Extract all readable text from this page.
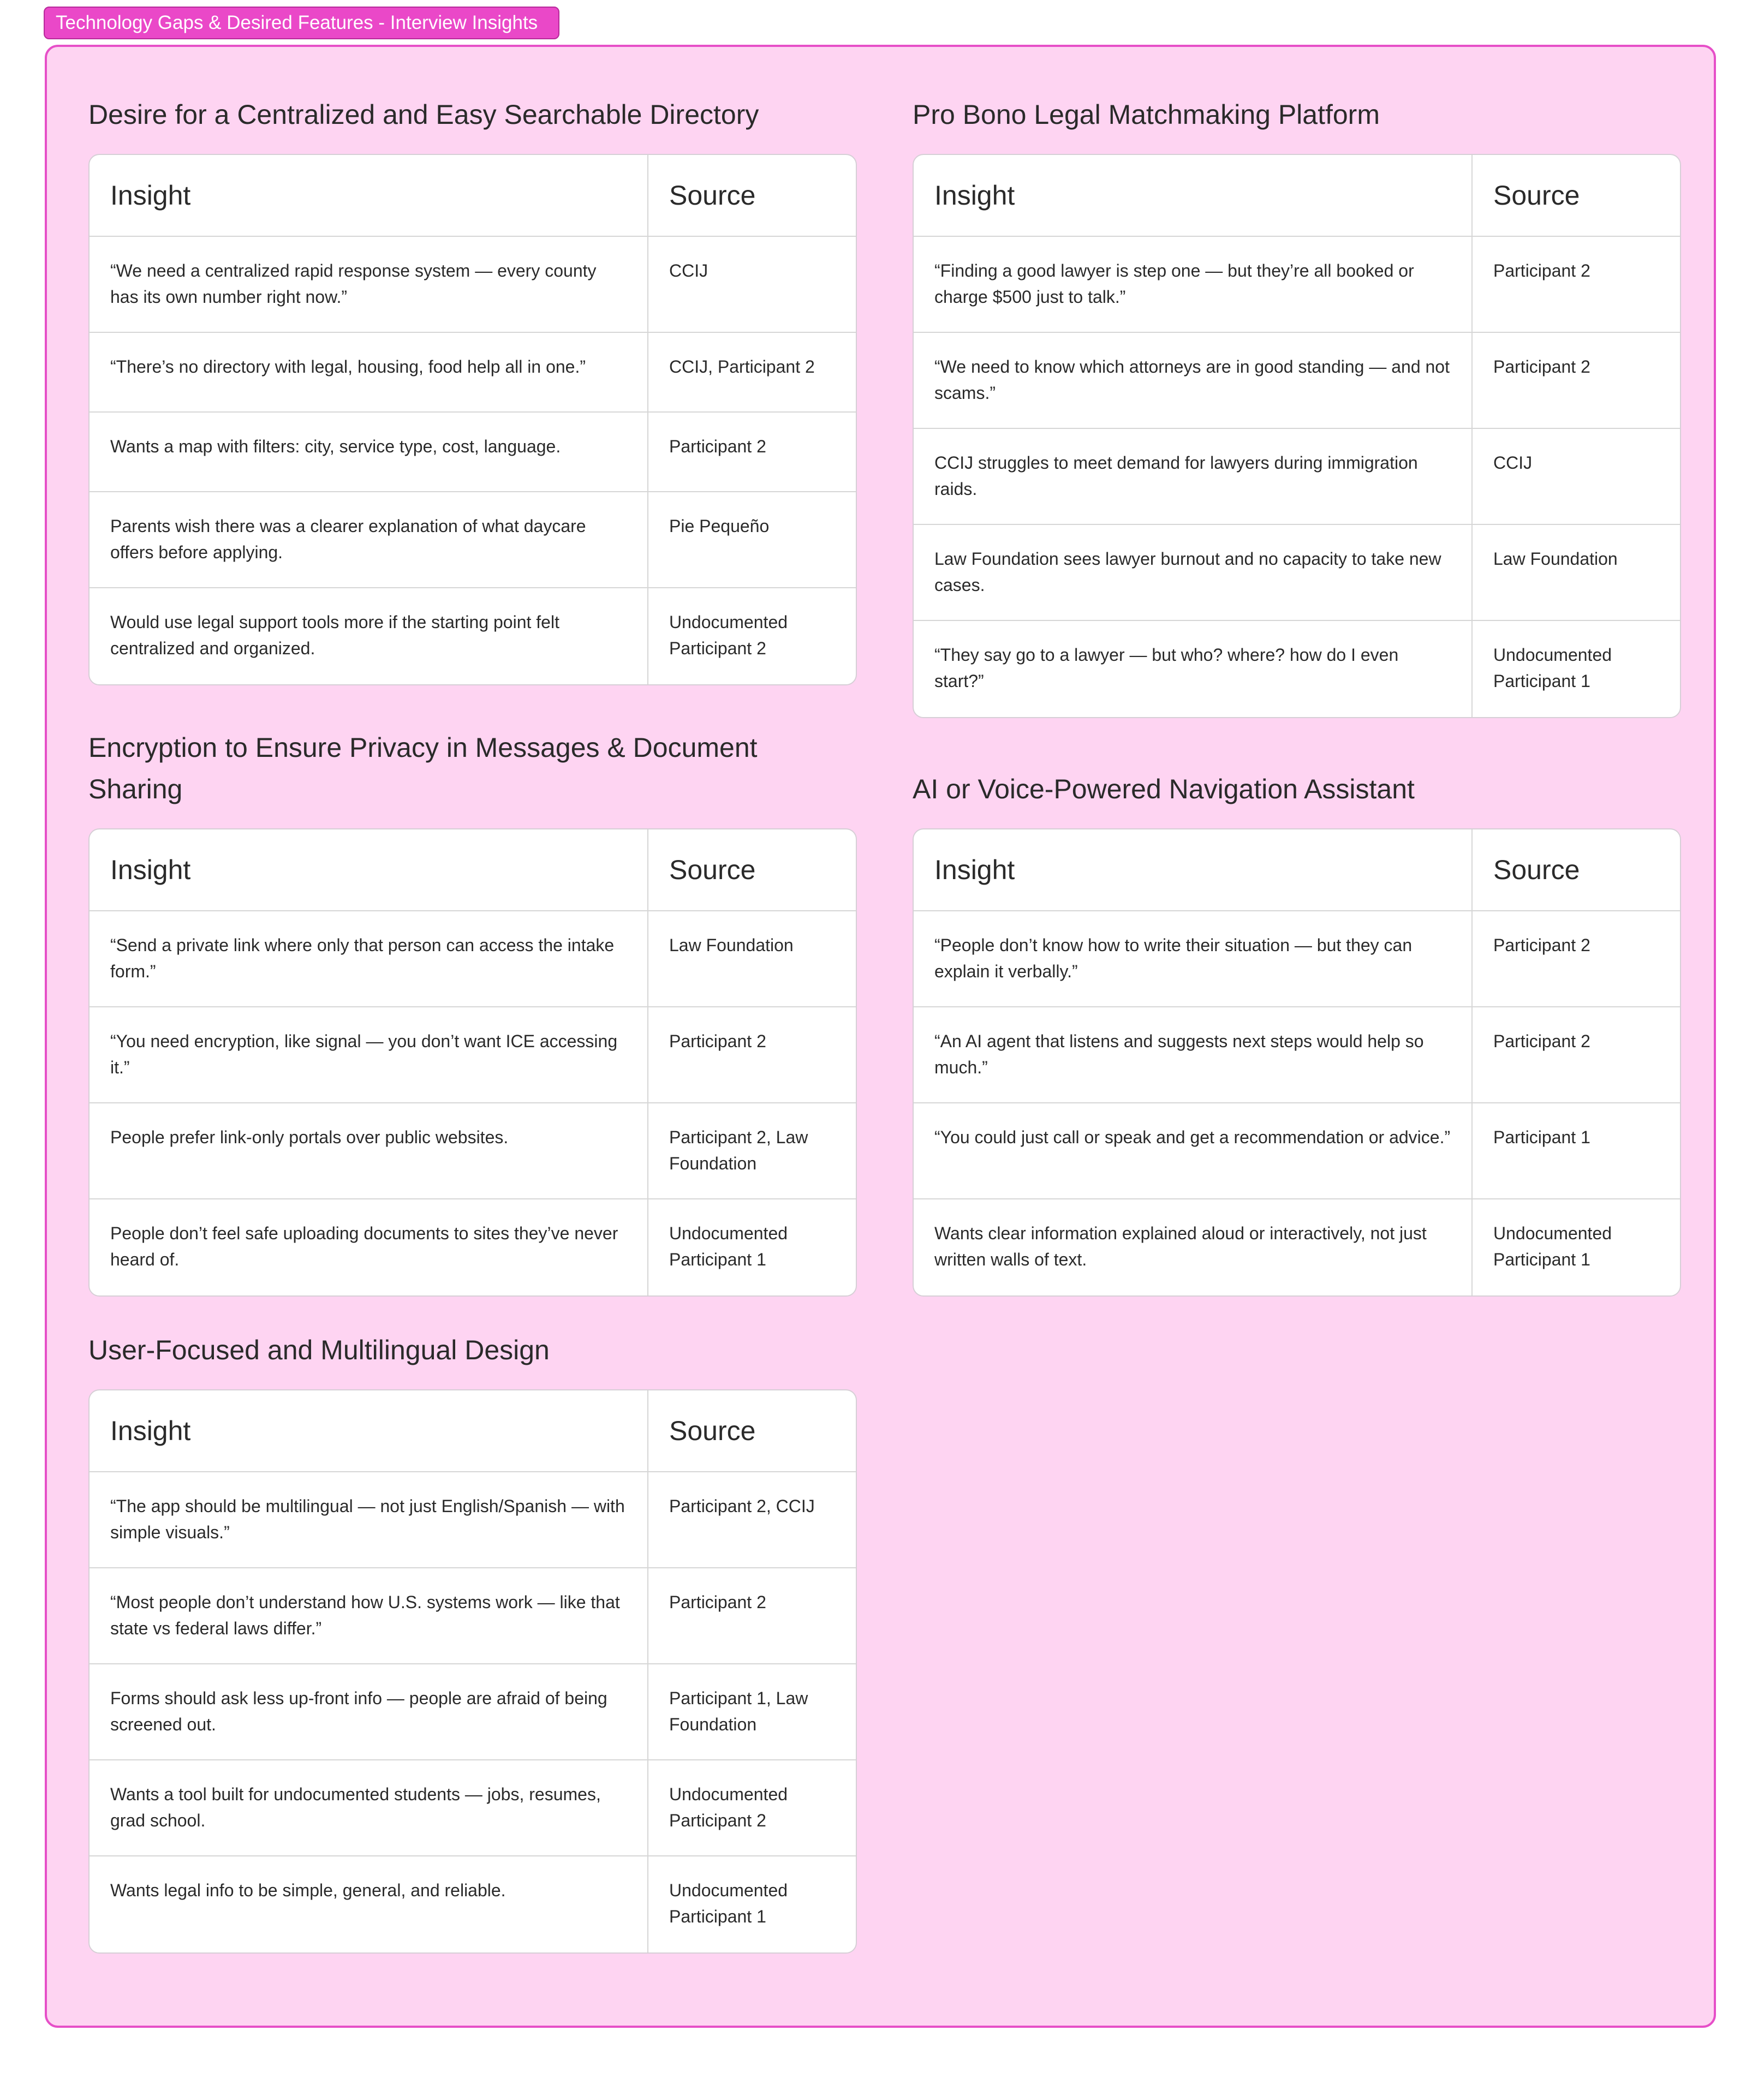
Technology Gaps & Desired Features - Interview Insights
Desire for a Centralized and Easy Searchable Directory
Insight	Source
“We need a centralized rapid response system — every county has its own number right now.”	CCIJ
“There’s no directory with legal, housing, food help all in one.”	CCIJ, Participant 2
Wants a map with filters: city, service type, cost, language.	Participant 2
Parents wish there was a clearer explanation of what daycare offers before applying.	Pie Pequeño
Would use legal support tools more if the starting point felt centralized and organized.	Undocumented Participant 2
Pro Bono Legal Matchmaking Platform
Insight	Source
“Finding a good lawyer is step one — but they’re all booked or charge $500 just to talk.”	Participant 2
“We need to know which attorneys are in good standing — and not scams.”	Participant 2
CCIJ struggles to meet demand for lawyers during immigration raids.	CCIJ
Law Foundation sees lawyer burnout and no capacity to take new cases.	Law Foundation
“They say go to a lawyer — but who? where? how do I even start?”	Undocumented Participant 1
Encryption to Ensure Privacy in Messages & Document Sharing
Insight	Source
“Send a private link where only that person can access the intake form.”	Law Foundation
“You need encryption, like signal — you don’t want ICE accessing it.”	Participant 2
People prefer link-only portals over public websites.	Participant 2, Law Foundation
People don’t feel safe uploading documents to sites they’ve never heard of.	Undocumented Participant 1
AI or Voice-Powered Navigation Assistant
Insight	Source
“People don’t know how to write their situation — but they can explain it verbally.”	Participant 2
“An AI agent that listens and suggests next steps would help so much.”	Participant 2
“You could just call or speak and get a recommendation or advice.”	Participant 1
Wants clear information explained aloud or interactively, not just written walls of text.	Undocumented Participant 1
User-Focused and Multilingual Design
Insight	Source
“The app should be multilingual — not just English/Spanish — with simple visuals.”	Participant 2, CCIJ
“Most people don’t understand how U.S. systems work — like that state vs federal laws differ.”	Participant 2
Forms should ask less up-front info — people are afraid of being screened out.	Participant 1, Law Foundation
Wants a tool built for undocumented students — jobs, resumes, grad school.	Undocumented Participant 2
Wants legal info to be simple, general, and reliable.	Undocumented Participant 1
